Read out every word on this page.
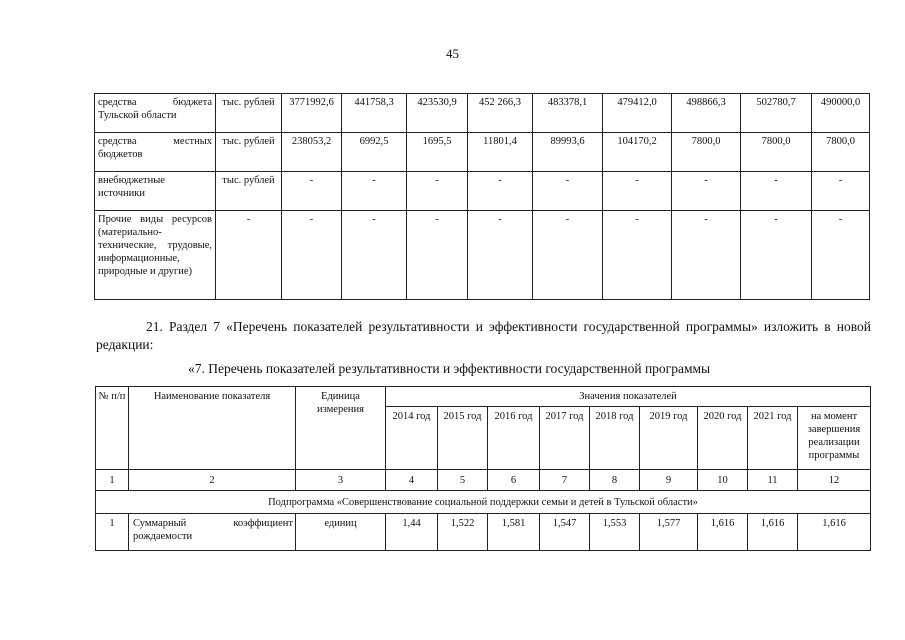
45
средства бюджета Тульской области	тыс. рублей	3771992,6	441758,3	423530,9	452 266,3	483378,1	479412,0	498866,3	502780,7	490000,0
средства местных бюджетов	тыс. рублей	238053,2	6992,5	1695,5	11801,4	89993,6	104170,2	7800,0	7800,0	7800,0
внебюджетные источники	тыс. рублей	-	-	-	-	-	-	-	-	-
Прочие виды ресурсов (материально-технические, трудовые, информационные, природные и другие)	-	-	-	-	-	-	-	-	-	-
21. Раздел 7 «Перечень показателей результативности и эффективности государственной программы» изложить в новой редакции:
«7. Перечень показателей результативности и эффективности государственной программы
№ п/п	Наименование показателя	Единица измерения	Значения показателей								
			2014 год	2015 год	2016 год	2017 год	2018 год	2019 год	2020 год	2021 год	на момент завершения реализации программы
1	2	3	4	5	6	7	8	9	10	11	12
Подпрограмма «Совершенствование социальной поддержки семьи и детей в Тульской области»											
1	Суммарный коэффициент рождаемости	единиц	1,44	1,522	1,581	1,547	1,553	1,577	1,616	1,616	1,616
